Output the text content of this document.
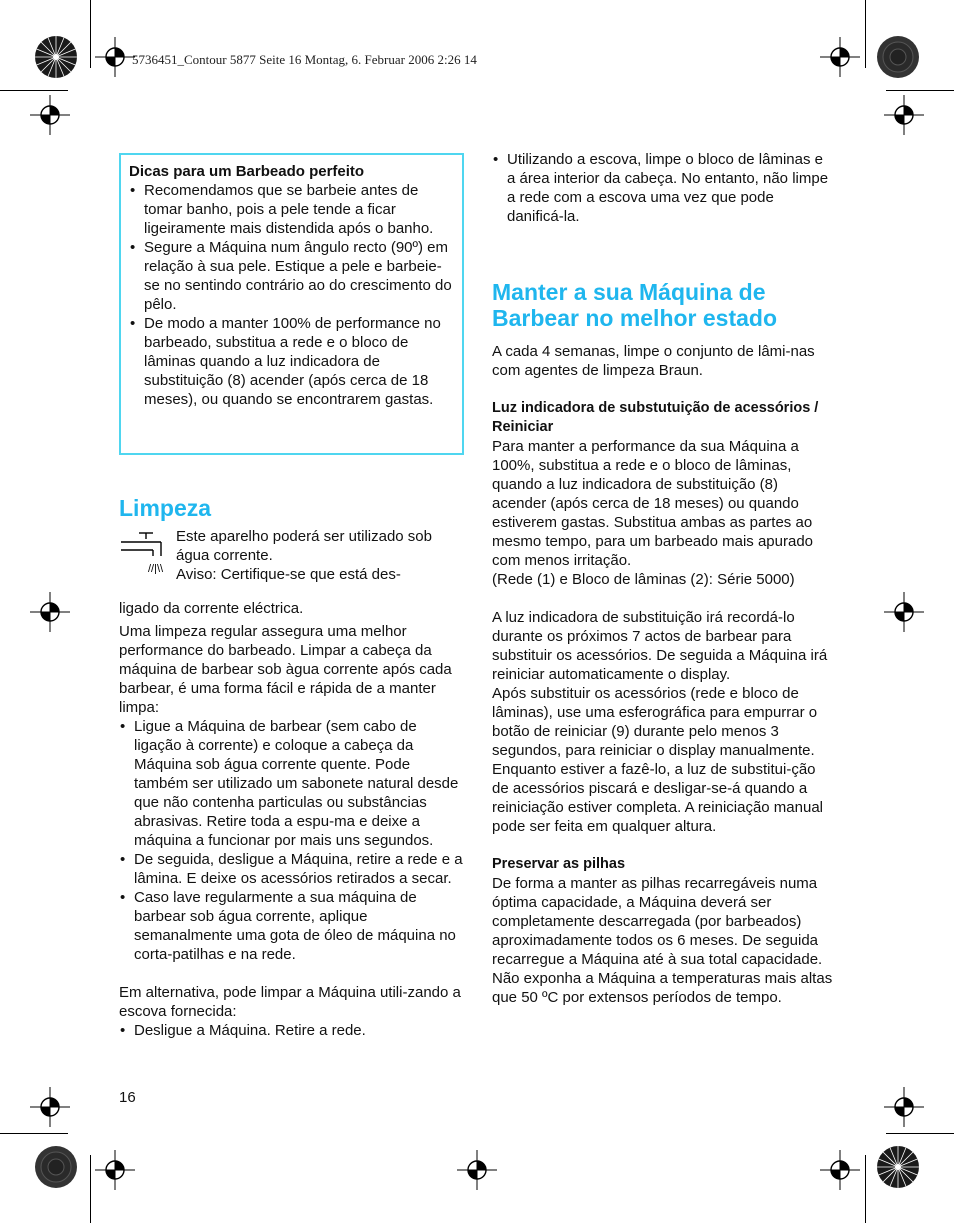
5736451_Contour 5877 Seite 16 Montag, 6. Februar 2006 2:26 14
Dicas para um Barbeado perfeito
• Recomendamos que se barbeie antes de tomar banho, pois a pele tende a ficar ligeiramente mais distendida após o banho.
• Segure a Máquina num ângulo recto (90º) em relação à sua pele. Estique a pele e barbeie-se no sentindo contrário ao do crescimento do pêlo.
• De modo a manter 100% de performance no barbeado, substitua a rede e o bloco de lâminas quando a luz indicadora de substituição (8) acender (após cerca de 18 meses), ou quando se encontrarem gastas.
Limpeza
//|\\

Este aparelho poderá ser utilizado sob água corrente.

Aviso: Certifique-se que está des-

ligado da corrente eléctrica.

Uma limpeza regular assegura uma melhor performance do barbeado. Limpar a cabeça da máquina de barbear sob àgua corrente após cada barbear, é uma forma fácil e rápida de a manter limpa:

• Ligue a Máquina de barbear (sem cabo de ligação à corrente) e coloque a cabeça da Máquina sob água corrente quente. Pode também ser utilizado um sabonete natural desde que não contenha particulas ou substâncias abrasivas. Retire toda a espu-ma e deixe a máquina a funcionar por mais uns segundos.
• De seguida, desligue a Máquina, retire a rede e a lâmina. E deixe os acessórios retirados a secar.
• Caso lave regularmente a sua máquina de barbear sob água corrente, aplique semanalmente uma gota de óleo de máquina no corta-patilhas e na rede.

Em alternativa, pode limpar a Máquina utili-zando a escova fornecida:

• Desligue a Máquina. Retire a rede.
• Utilizando a escova, limpe o bloco de lâminas e a área interior da cabeça. No entanto, não limpe a rede com a escova uma vez que pode danificá-la.
Manter a sua Máquina de Barbear no melhor estado

A cada 4 semanas, limpe o conjunto de lâmi-nas com agentes de limpeza Braun.

Luz indicadora de substutuição de acessórios / Reiniciar

Para manter a performance da sua Máquina a 100%, substitua a rede e o bloco de lâminas, quando a luz indicadora de substituição (8) acender (após cerca de 18 meses) ou quando estiverem gastas. Substitua ambas as partes ao mesmo tempo, para um barbeado mais apurado com menos irritação.

(Rede (1) e Bloco de lâminas (2): Série 5000)

A luz indicadora de substituição irá recordá-lo durante os próximos 7 actos de barbear para substituir os acessórios. De seguida a Máquina irá reiniciar automaticamente o display.

Após substituir os acessórios (rede e bloco de lâminas), use uma esferográfica para empurrar o botão de reiniciar (9) durante pelo menos 3 segundos, para reiniciar o display manualmente.

Enquanto estiver a fazê-lo, a luz de substitui-ção de acessórios piscará e desligar-se-á quando a reiniciação estiver completa. A reiniciação manual pode ser feita em qualquer altura.

Preservar as pilhas

De forma a manter as pilhas recarregáveis numa óptima capacidade, a Máquina deverá ser completamente descarregada (por barbeados) aproximadamente todos os 6 meses. De seguida recarregue a Máquina até à sua total capacidade. Não exponha a Máquina a temperaturas mais altas que 50 ºC por extensos períodos de tempo.

16
